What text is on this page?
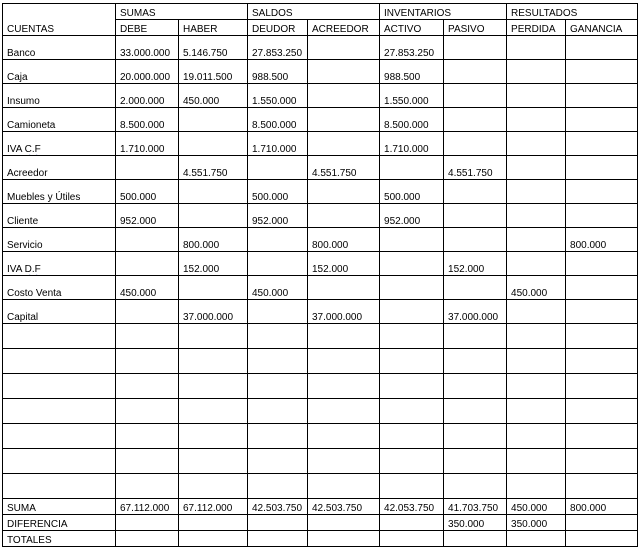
CUENTAS	SUMAS		SALDOS		INVENTARIOS		RESULTADOS	
	DEBE	HABER	DEUDOR	ACREEDOR	ACTIVO	PASIVO	PERDIDA	GANANCIA
Banco	33.000.000	5.146.750	27.853.250		27.853.250			
Caja	20.000.000	19.011.500	988.500		988.500			
Insumo	2.000.000	450.000	1.550.000		1.550.000			
Camioneta	8.500.000		8.500.000		8.500.000			
IVA C.F	1.710.000		1.710.000		1.710.000			
Acreedor		4.551.750		4.551.750		4.551.750		
Muebles y Útiles	500.000		500.000		500.000			
Cliente	952.000		952.000		952.000			
Servicio		800.000		800.000				800.000
IVA D.F		152.000		152.000		152.000		
Costo Venta	450.000		450.000				450.000	
Capital		37.000.000		37.000.000		37.000.000		

SUMA	67.112.000	67.112.000	42.503.750	42.503.750	42.053.750	41.703.750	450.000	800.000
DIFERENCIA						350.000	350.000	
TOTALES								
